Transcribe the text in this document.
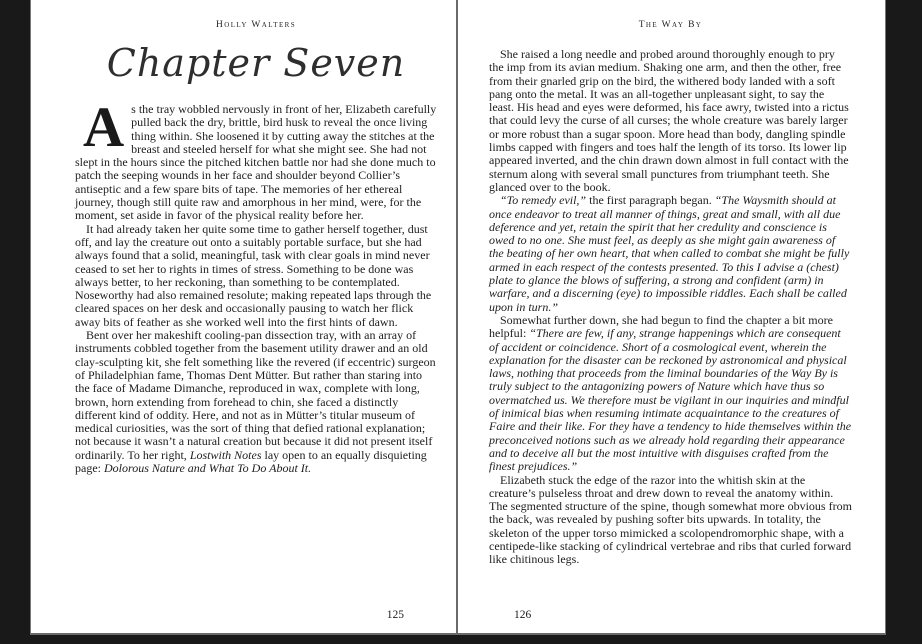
Holly Walters
Chapter Seven

As the tray wobbled nervously in front of her, Elizabeth carefully pulled back the dry, brittle, bird husk to reveal the once living thing within. She loosened it by cutting away the stitches at the breast and steeled herself for what she might see. She had not slept in the hours since the pitched kitchen battle nor had she done much to patch the seeping wounds in her face and shoulder beyond Collier’s antiseptic and a few spare bits of tape. The memories of her ethereal journey, though still quite raw and amorphous in her mind, were, for the moment, set aside in favor of the physical reality before her.

It had already taken her quite some time to gather herself together, dust off, and lay the creature out onto a suitably portable surface, but she had always found that a solid, meaningful, task with clear goals in mind never ceased to set her to rights in times of stress. Something to be done was always better, to her reckoning, than something to be contemplated. Noseworthy had also remained resolute; making repeated laps through the cleared spaces on her desk and occasionally pausing to watch her flick away bits of feather as she worked well into the first hints of dawn.

Bent over her makeshift cooling-pan dissection tray, with an array of instruments cobbled together from the basement utility drawer and an old clay-sculpting kit, she felt something like the revered (if eccentric) surgeon of Philadelphian fame, Thomas Dent Mütter. But rather than staring into the face of Madame Dimanche, reproduced in wax, complete with long, brown, horn extending from forehead to chin, she faced a distinctly different kind of oddity. Here, and not as in Mütter’s titular museum of medical curiosities, was the sort of thing that defied rational explanation; not because it wasn’t a natural creation but because it did not present itself ordinarily. To her right, Lostwith Notes lay open to an equally disquieting page: Dolorous Nature and What To Do About It.

125
The Way By

She raised a long needle and probed around thoroughly enough to pry the imp from its avian medium. Shaking one arm, and then the other, free from their gnarled grip on the bird, the withered body landed with a soft pang onto the metal. It was an all-together unpleasant sight, to say the least. His head and eyes were deformed, his face awry, twisted into a rictus that could levy the curse of all curses; the whole creature was barely larger or more robust than a sugar spoon. More head than body, dangling spindle limbs capped with fingers and toes half the length of its torso. Its lower lip appeared inverted, and the chin drawn down almost in full contact with the sternum along with several small punctures from triumphant teeth. She glanced over to the book.

“To remedy evil,” the first paragraph began. “The Waysmith should at once endeavor to treat all manner of things, great and small, with all due deference and yet, retain the spirit that her credulity and conscience is owed to no one. She must feel, as deeply as she might gain awareness of the beating of her own heart, that when called to combat she might be fully armed in each respect of the contests presented. To this I advise a (chest) plate to glance the blows of suffering, a strong and confident (arm) in warfare, and a discerning (eye) to impossible riddles. Each shall be called upon in turn.”

Somewhat further down, she had begun to find the chapter a bit more helpful: “There are few, if any, strange happenings which are consequent of accident or coincidence. Short of a cosmological event, wherein the explanation for the disaster can be reckoned by astronomical and physical laws, nothing that proceeds from the liminal boundaries of the Way By is truly subject to the antagonizing powers of Nature which have thus so overmatched us. We therefore must be vigilant in our inquiries and mindful of inimical bias when resuming intimate acquaintance to the creatures of Faire and their like. For they have a tendency to hide themselves within the preconceived notions such as we already hold regarding their appearance and to deceive all but the most intuitive with disguises crafted from the finest prejudices.”

Elizabeth stuck the edge of the razor into the whitish skin at the creature’s pulseless throat and drew down to reveal the anatomy within. The segmented structure of the spine, though somewhat more obvious from the back, was revealed by pushing softer bits upwards. In totality, the skeleton of the upper torso mimicked a scolopendromorphic shape, with a centipede-like stacking of cylindrical vertebrae and ribs that curled forward like chitinous legs.

126
